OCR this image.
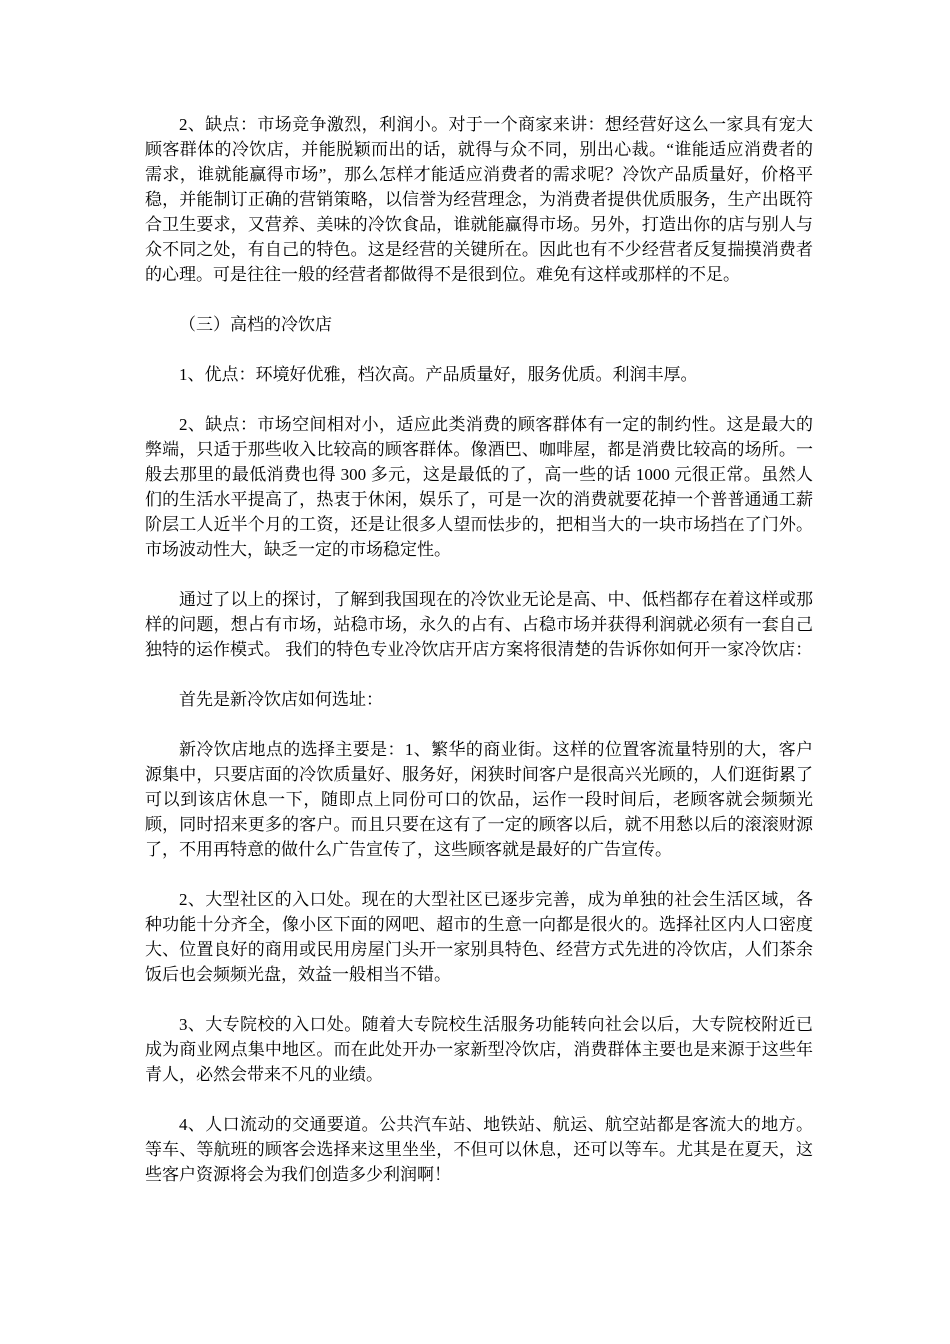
2、缺点：市场竞争激烈，利润小。对于一个商家来讲：想经营好这么一家具有宠大顾客群体的冷饮店，并能脱颖而出的话，就得与众不同，别出心裁。“谁能适应消费者的需求，谁就能赢得市场”，那么怎样才能适应消费者的需求呢？冷饮产品质量好，价格平稳，并能制订正确的营销策略，以信誉为经营理念，为消费者提供优质服务，生产出既符合卫生要求，又营养、美味的冷饮食品，谁就能赢得市场。另外，打造出你的店与别人与众不同之处，有自己的特色。这是经营的关键所在。因此也有不少经营者反复揣摸消费者的心理。可是往往一般的经营者都做得不是很到位。难免有这样或那样的不足。

（三）高档的冷饮店

1、优点：环境好优雅，档次高。产品质量好，服务优质。利润丰厚。

2、缺点：市场空间相对小，适应此类消费的顾客群体有一定的制约性。这是最大的弊端，只适于那些收入比较高的顾客群体。像酒巴、咖啡屋，都是消费比较高的场所。一般去那里的最低消费也得 300 多元，这是最低的了，高一些的话 1000 元很正常。虽然人们的生活水平提高了，热衷于休闲，娱乐了，可是一次的消费就要花掉一个普普通通工薪阶层工人近半个月的工资，还是让很多人望而怯步的，把相当大的一块市场挡在了门外。市场波动性大，缺乏一定的市场稳定性。

通过了以上的探讨，了解到我国现在的冷饮业无论是高、中、低档都存在着这样或那样的问题，想占有市场，站稳市场，永久的占有、占稳市场并获得利润就必须有一套自己独特的运作模式。 我们的特色专业冷饮店开店方案将很清楚的告诉你如何开一家冷饮店：

首先是新冷饮店如何选址：

新冷饮店地点的选择主要是：1、繁华的商业街。这样的位置客流量特别的大，客户源集中，只要店面的冷饮质量好、服务好，闲狭时间客户是很高兴光顾的，人们逛街累了可以到该店休息一下，随即点上同份可口的饮品，运作一段时间后，老顾客就会频频光顾，同时招来更多的客户。而且只要在这有了一定的顾客以后，就不用愁以后的滚滚财源了，不用再特意的做什么广告宣传了，这些顾客就是最好的广告宣传。

2、大型社区的入口处。现在的大型社区已逐步完善，成为单独的社会生活区域，各种功能十分齐全，像小区下面的网吧、超市的生意一向都是很火的。选择社区内人口密度大、位置良好的商用或民用房屋门头开一家别具特色、经营方式先进的冷饮店，人们茶余饭后也会频频光盘，效益一般相当不错。

3、大专院校的入口处。随着大专院校生活服务功能转向社会以后，大专院校附近已成为商业网点集中地区。而在此处开办一家新型冷饮店，消费群体主要也是来源于这些年青人，必然会带来不凡的业绩。

4、人口流动的交通要道。公共汽车站、地铁站、航运、航空站都是客流大的地方。等车、等航班的顾客会选择来这里坐坐，不但可以休息，还可以等车。尤其是在夏天，这些客户资源将会为我们创造多少利润啊！
